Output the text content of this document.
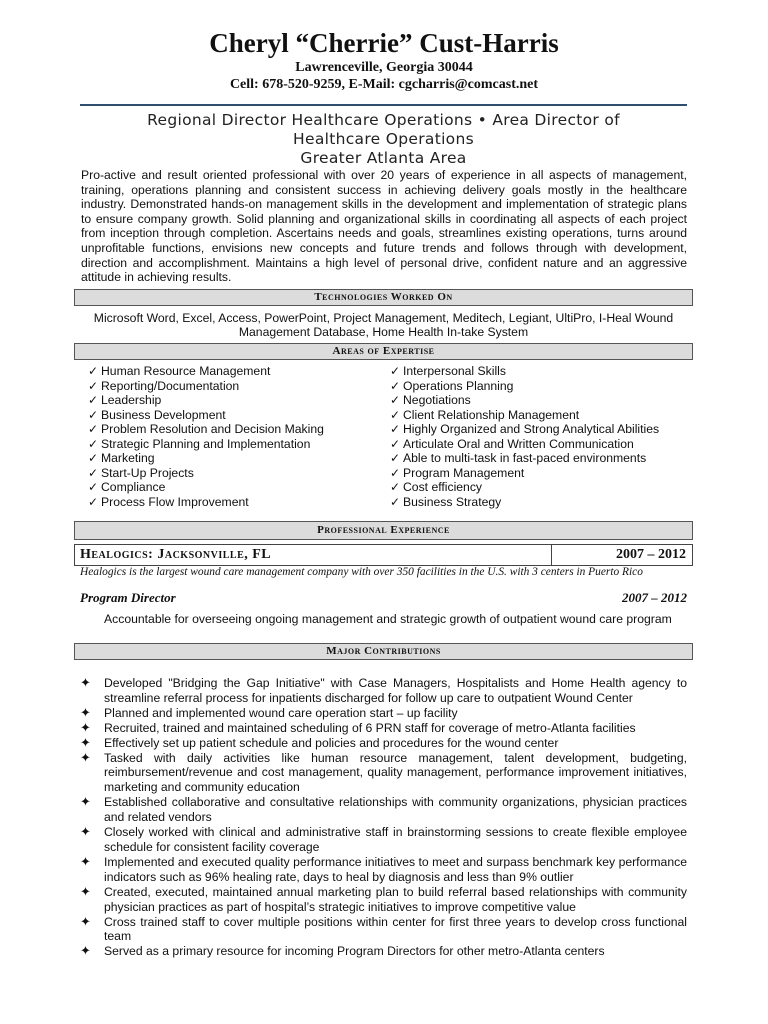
Cheryl “Cherrie” Cust-Harris
Lawrenceville, Georgia 30044
Cell: 678-520-9259, E-Mail: cgcharris@comcast.net
Regional Director Healthcare Operations • Area Director of
Healthcare Operations
Greater Atlanta Area
Pro-active and result oriented professional with over 20 years of experience in all aspects of management, training, operations planning and consistent success in achieving delivery goals mostly in the healthcare industry. Demonstrated hands-on management skills in the development and implementation of strategic plans to ensure company growth. Solid planning and organizational skills in coordinating all aspects of each project from inception through completion. Ascertains needs and goals, streamlines existing operations, turns around unprofitable functions, envisions new concepts and future trends and follows through with development, direction and accomplishment. Maintains a high level of personal drive, confident nature and an aggressive attitude in achieving results.
Technologies Worked On
Microsoft Word, Excel, Access, PowerPoint, Project Management, Meditech, Legiant, UltiPro, I-Heal Wound Management Database, Home Health In-take System
Areas of Expertise
✓ Human Resource Management
✓ Reporting/Documentation
✓ Leadership
✓ Business Development
✓ Problem Resolution and Decision Making
✓ Strategic Planning and Implementation
✓ Marketing
✓ Start-Up Projects
✓ Compliance
✓ Process Flow Improvement
✓ Interpersonal Skills
✓ Operations Planning
✓ Negotiations
✓ Client Relationship Management
✓ Highly Organized and Strong Analytical Abilities
✓ Articulate Oral and Written Communication
✓ Able to multi-task in fast-paced environments
✓ Program Management
✓ Cost efficiency
✓ Business Strategy
Professional Experience
Healogics: Jacksonville, FL	2007 – 2012
Healogics is the largest wound care management company with over 350 facilities in the U.S. with 3 centers in Puerto Rico
Program Director	2007 – 2012
Accountable for overseeing ongoing management and strategic growth of outpatient wound care program
Major Contributions
✦ Developed "Bridging the Gap Initiative" with Case Managers, Hospitalists and Home Health agency to streamline referral process for inpatients discharged for follow up care to outpatient Wound Center
✦ Planned and implemented wound care operation start – up facility
✦ Recruited, trained and maintained scheduling of 6 PRN staff for coverage of metro-Atlanta facilities
✦ Effectively set up patient schedule and policies and procedures for the wound center
✦ Tasked with daily activities like human resource management, talent development, budgeting, reimbursement/revenue and cost management, quality management, performance improvement initiatives, marketing and community education
✦ Established collaborative and consultative relationships with community organizations, physician practices and related vendors
✦ Closely worked with clinical and administrative staff in brainstorming sessions to create flexible employee schedule for consistent facility coverage
✦ Implemented and executed quality performance initiatives to meet and surpass benchmark key performance indicators such as 96% healing rate, days to heal by diagnosis and less than 9% outlier
✦ Created, executed, maintained annual marketing plan to build referral based relationships with community physician practices as part of hospital’s strategic initiatives to improve competitive value
✦ Cross trained staff to cover multiple positions within center for first three years to develop cross functional team
✦ Served as a primary resource for incoming Program Directors for other metro-Atlanta centers
